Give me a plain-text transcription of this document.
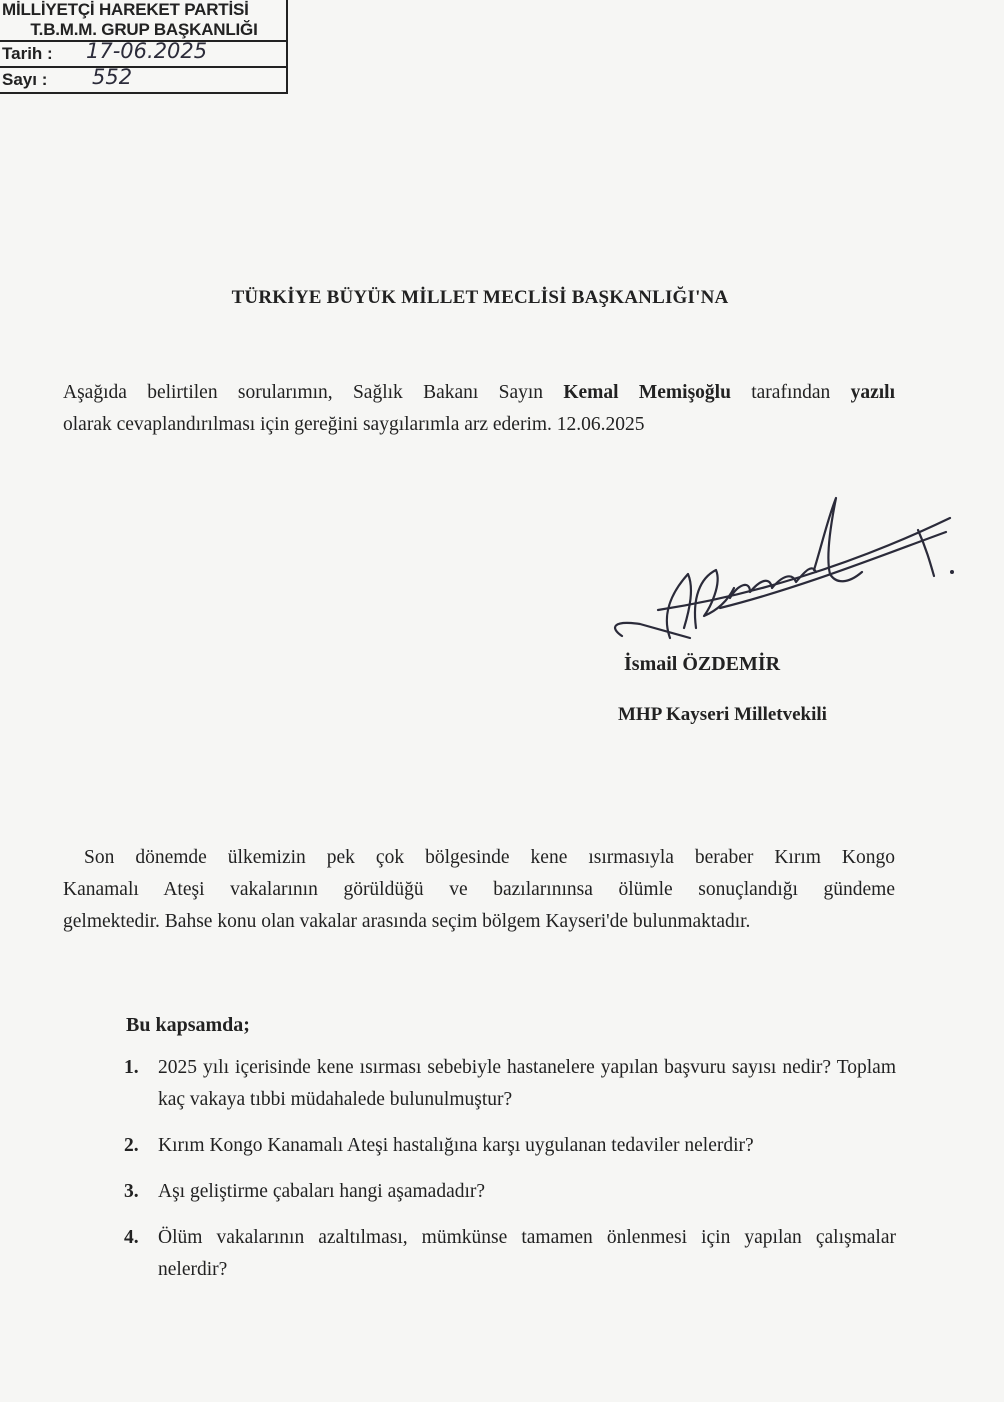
MİLLİYETÇİ HAREKET PARTİSİ
T.B.M.M. GRUP BAŞKANLIĞI
Tarih : 17-06.2025
Sayı : 552
TÜRKİYE BÜYÜK MİLLET MECLİSİ BAŞKANLIĞI'NA
Aşağıda belirtilen sorularımın, Sağlık Bakanı Sayın Kemal Memişoğlu tarafından yazılı
olarak cevaplandırılması için gereğini saygılarımla arz ederim. 12.06.2025
İsmail ÖZDEMİR
MHP Kayseri Milletvekili
Son dönemde ülkemizin pek çok bölgesinde kene ısırmasıyla beraber Kırım Kongo
Kanamalı Ateşi vakalarının görüldüğü ve bazılarınınsa ölümle sonuçlandığı gündeme
gelmektedir. Bahse konu olan vakalar arasında seçim bölgem Kayseri'de bulunmaktadır.
Bu kapsamda;
1. 2025 yılı içerisinde kene ısırması sebebiyle hastanelere yapılan başvuru sayısı nedir? Toplam kaç vakaya tıbbi müdahalede bulunulmuştur?
2. Kırım Kongo Kanamalı Ateşi hastalığına karşı uygulanan tedaviler nelerdir?
3. Aşı geliştirme çabaları hangi aşamadadır?
4. Ölüm vakalarının azaltılması, mümkünse tamamen önlenmesi için yapılan çalışmalar nelerdir?
